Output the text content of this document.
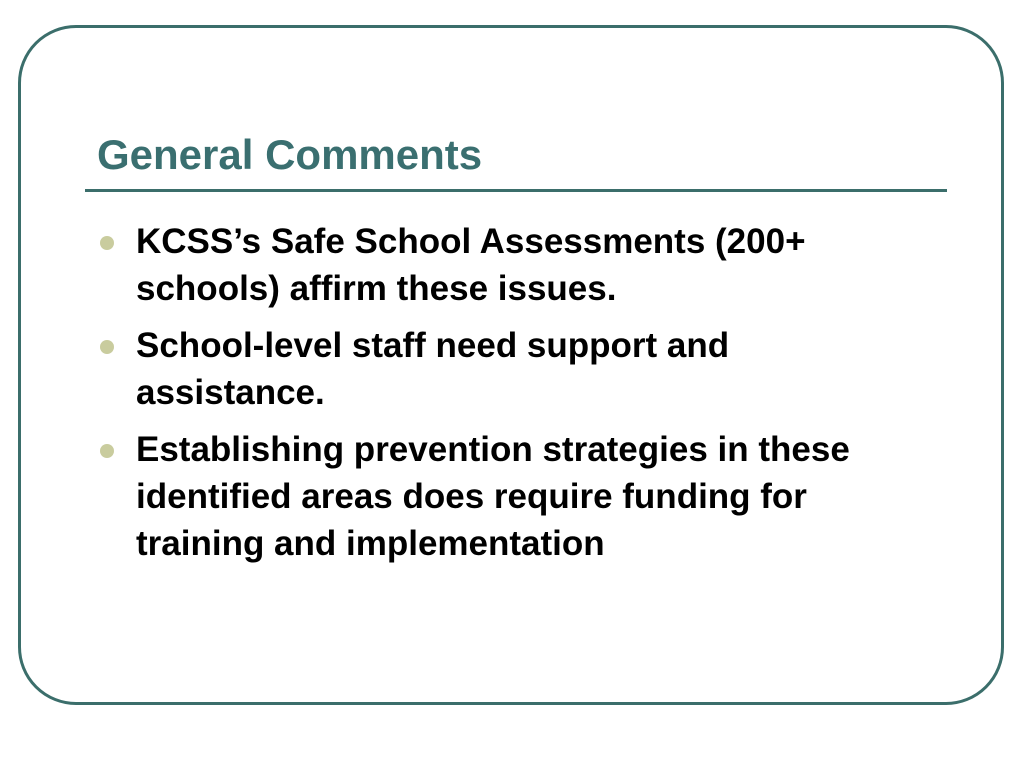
General Comments
KCSS’s Safe School Assessments (200+ schools) affirm these issues.
School-level staff need support and assistance.
Establishing prevention strategies in these identified areas does require funding for training and implementation
